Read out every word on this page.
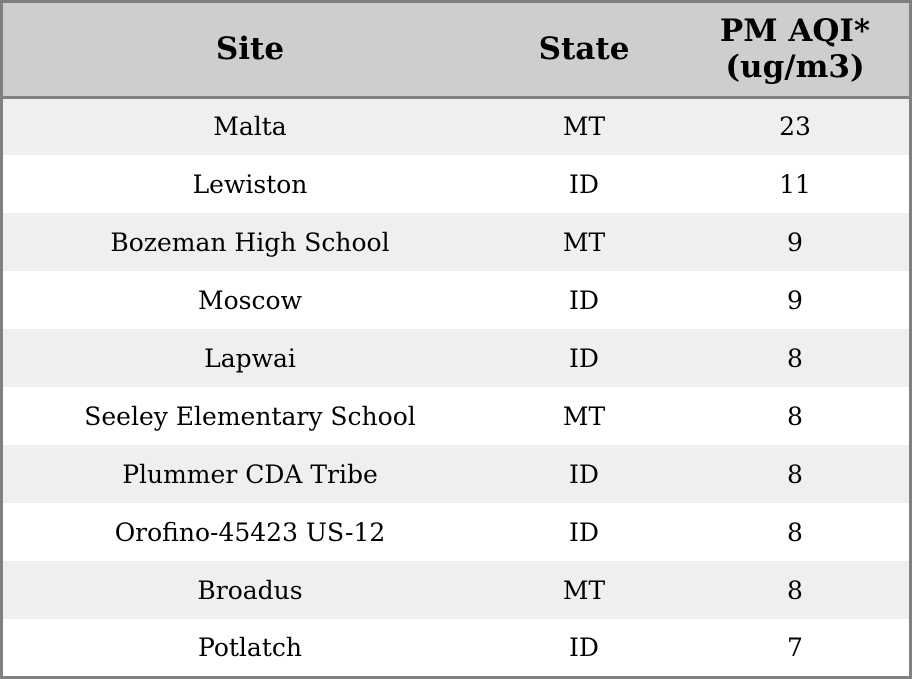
Site	State	PM AQI*
(ug/m3)

Malta	MT	23
Lewiston	ID	11
Bozeman High School	MT	9
Moscow	ID	9
Lapwai	ID	8
Seeley Elementary School	MT	8
Plummer CDA Tribe	ID	8
Orofino-45423 US-12	ID	8
Broadus	MT	8
Potlatch	ID	7
